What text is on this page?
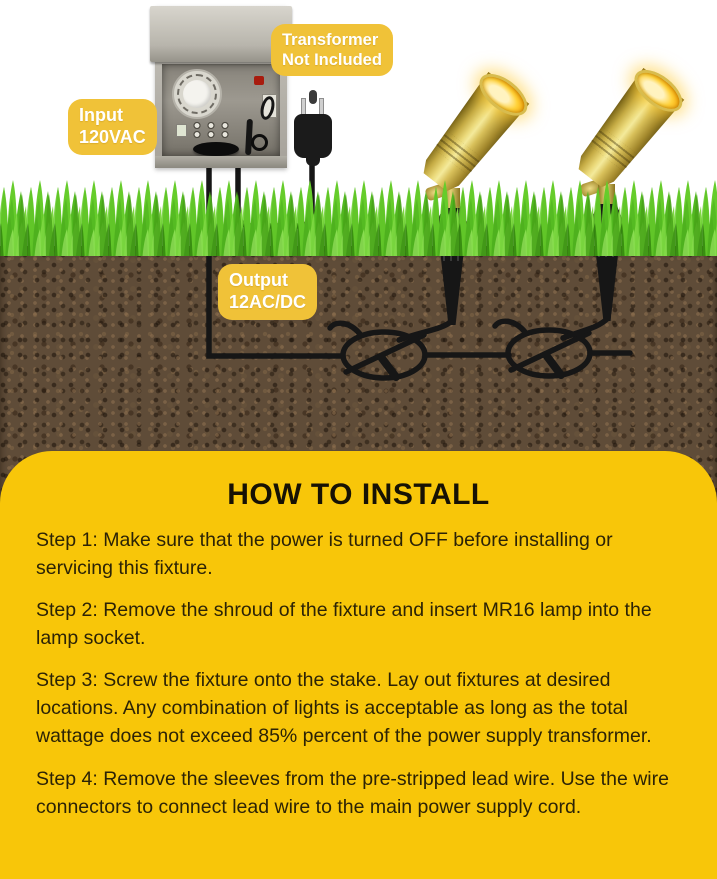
Transformer
Not Included
Input
120VAC
Output
12AC/DC
HOW TO INSTALL

Step 1: Make sure that the power is turned OFF before installing or servicing this fixture.

Step 2: Remove the shroud of the fixture and insert MR16 lamp into the lamp socket.

Step 3: Screw the fixture onto the stake. Lay out fixtures at desired locations. Any combination of lights is acceptable as long as the total wattage does not exceed 85% percent of the power supply transformer.

Step 4: Remove the sleeves from the pre-stripped lead wire. Use the wire connectors to connect lead wire to the main power supply cord.
